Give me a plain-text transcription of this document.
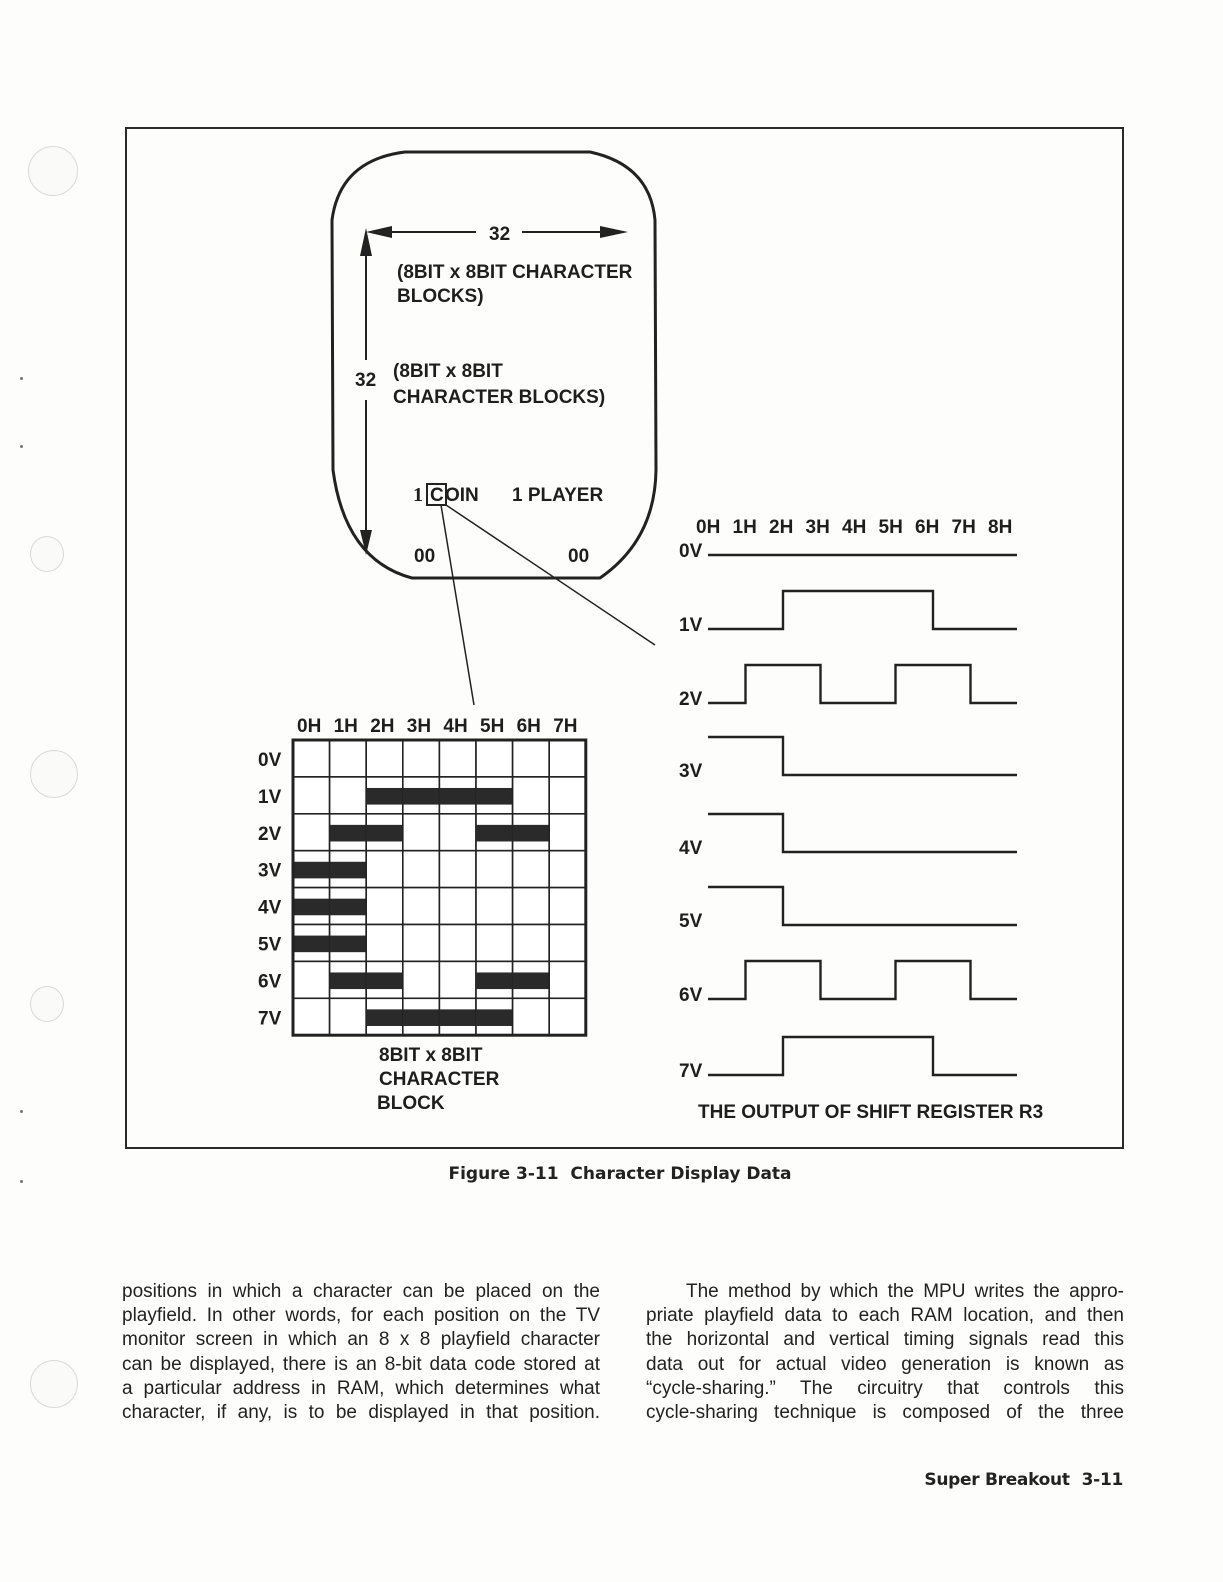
32
(8BIT x 8BIT CHARACTER
BLOCKS)
32 (8BIT x 8BIT
CHARACTER BLOCKS)
1 C OIN 1 PLAYER
00	00
0H 1H 2H 3H 4H 5H 6H 7H
0V
1V
2V
3V
4V
5V
6V
7V
8BIT x 8BIT
CHARACTER
BLOCK
0H 1H 2H 3H 4H 5H 6H 7H 8H
0V
1V
2V
3V
4V
5V
6V
7V
THE OUTPUT OF SHIFT REGISTER R3
Figure 3-11 Character Display Data

positions in which a character can be placed on the
playfield. In other words, for each position on the TV
monitor screen in which an 8 x 8 playfield character
can be displayed, there is an 8-bit data code stored at
a particular address in RAM, which determines what
character, if any, is to be displayed in that position.

The method by which the MPU writes the appro-
priate playfield data to each RAM location, and then
the horizontal and vertical timing signals read this
data out for actual video generation is known as
“cycle-sharing.” The circuitry that controls this
cycle-sharing technique is composed of the three

Super Breakout 3-11
